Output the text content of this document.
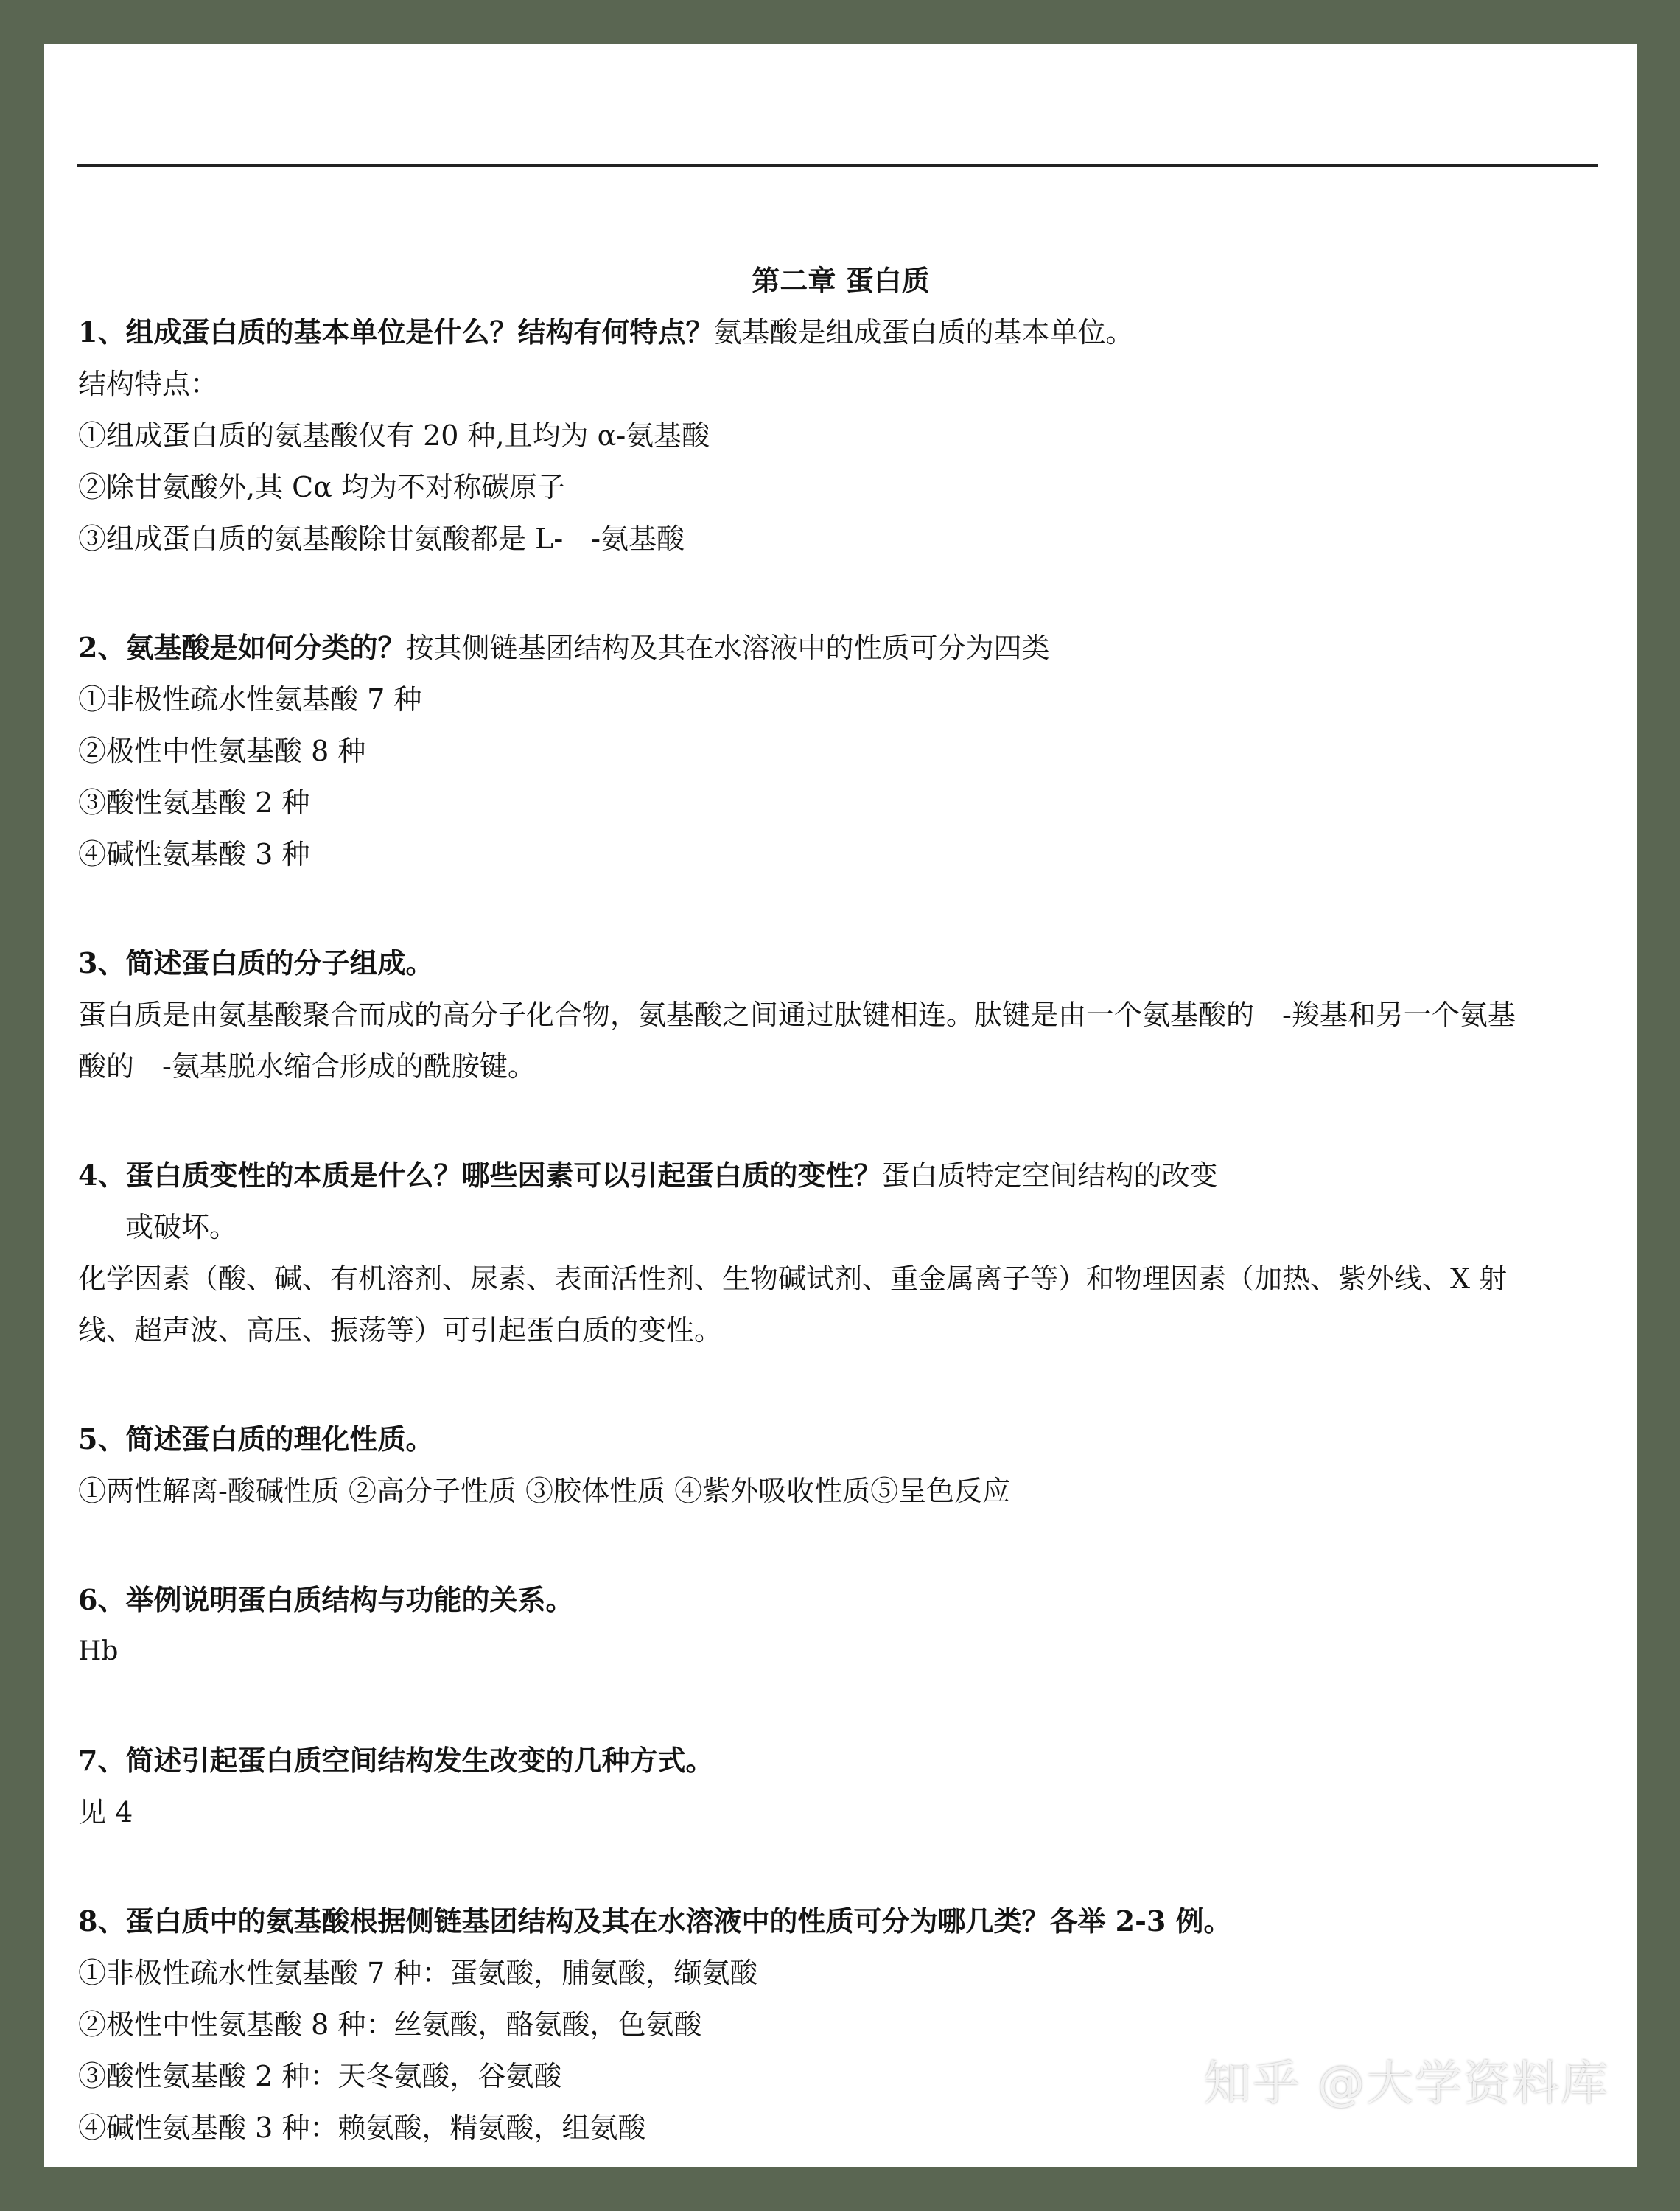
第二章 蛋白质
1、组成蛋白质的基本单位是什么？结构有何特点？氨基酸是组成蛋白质的基本单位。
结构特点：
①组成蛋白质的氨基酸仅有 20 种,且均为 α-氨基酸
②除甘氨酸外,其 Cα 均为不对称碳原子
③组成蛋白质的氨基酸除甘氨酸都是 L-　-氨基酸
2、氨基酸是如何分类的？按其侧链基团结构及其在水溶液中的性质可分为四类
①非极性疏水性氨基酸 7 种
②极性中性氨基酸 8 种
③酸性氨基酸 2 种
④碱性氨基酸 3 种
3、简述蛋白质的分子组成。
蛋白质是由氨基酸聚合而成的高分子化合物，氨基酸之间通过肽键相连。肽键是由一个氨基酸的　-羧基和另一个氨基
酸的　-氨基脱水缩合形成的酰胺键。
4、蛋白质变性的本质是什么？哪些因素可以引起蛋白质的变性？蛋白质特定空间结构的改变
或破坏。
化学因素（酸、碱、有机溶剂、尿素、表面活性剂、生物碱试剂、重金属离子等）和物理因素（加热、紫外线、X 射
线、超声波、高压、振荡等）可引起蛋白质的变性。
5、简述蛋白质的理化性质。
①两性解离-酸碱性质 ②高分子性质 ③胶体性质 ④紫外吸收性质⑤呈色反应
6、举例说明蛋白质结构与功能的关系。
Hb
7、简述引起蛋白质空间结构发生改变的几种方式。
见 4
8、蛋白质中的氨基酸根据侧链基团结构及其在水溶液中的性质可分为哪几类？各举 2-3 例。
①非极性疏水性氨基酸 7 种：蛋氨酸，脯氨酸，缬氨酸
②极性中性氨基酸 8 种：丝氨酸，酪氨酸，色氨酸
③酸性氨基酸 2 种：天冬氨酸，谷氨酸
④碱性氨基酸 3 种：赖氨酸，精氨酸，组氨酸
知乎 @大学资料库
